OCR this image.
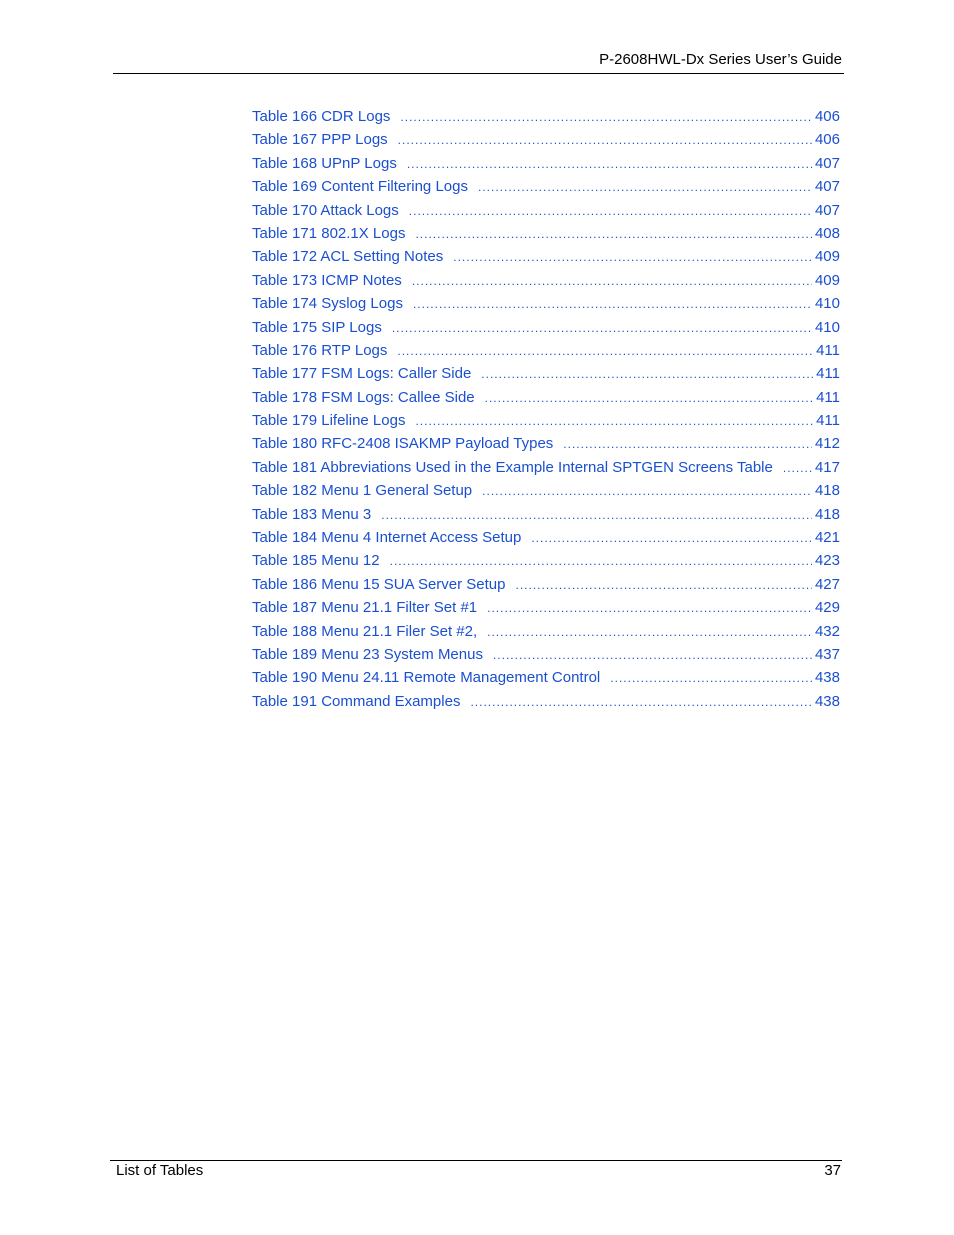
P-2608HWL-Dx Series User’s Guide
Table 166 CDR Logs .....	406
Table 167 PPP Logs .....	406
Table 168 UPnP Logs .....	407
Table 169 Content Filtering Logs .....	407
Table 170 Attack Logs .....	407
Table 171 802.1X Logs .....	408
Table 172 ACL Setting Notes .....	409
Table 173 ICMP Notes .....	409
Table 174 Syslog Logs .....	410
Table 175 SIP Logs .....	410
Table 176 RTP Logs .....	411
Table 177 FSM Logs: Caller Side .....	411
Table 178 FSM Logs: Callee Side .....	411
Table 179 Lifeline Logs .....	411
Table 180 RFC-2408 ISAKMP Payload Types .....	412
Table 181 Abbreviations Used in the Example Internal SPTGEN Screens Table .....	417
Table 182 Menu 1 General Setup .....	418
Table 183 Menu 3 .....	418
Table 184 Menu 4 Internet Access Setup .....	421
Table 185 Menu 12 .....	423
Table 186 Menu 15 SUA Server Setup .....	427
Table 187 Menu 21.1 Filter Set #1 .....	429
Table 188 Menu 21.1 Filer Set #2, .....	432
Table 189 Menu 23 System Menus .....	437
Table 190 Menu 24.11 Remote Management Control .....	438
Table 191 Command Examples .....	438
List of Tables	37
